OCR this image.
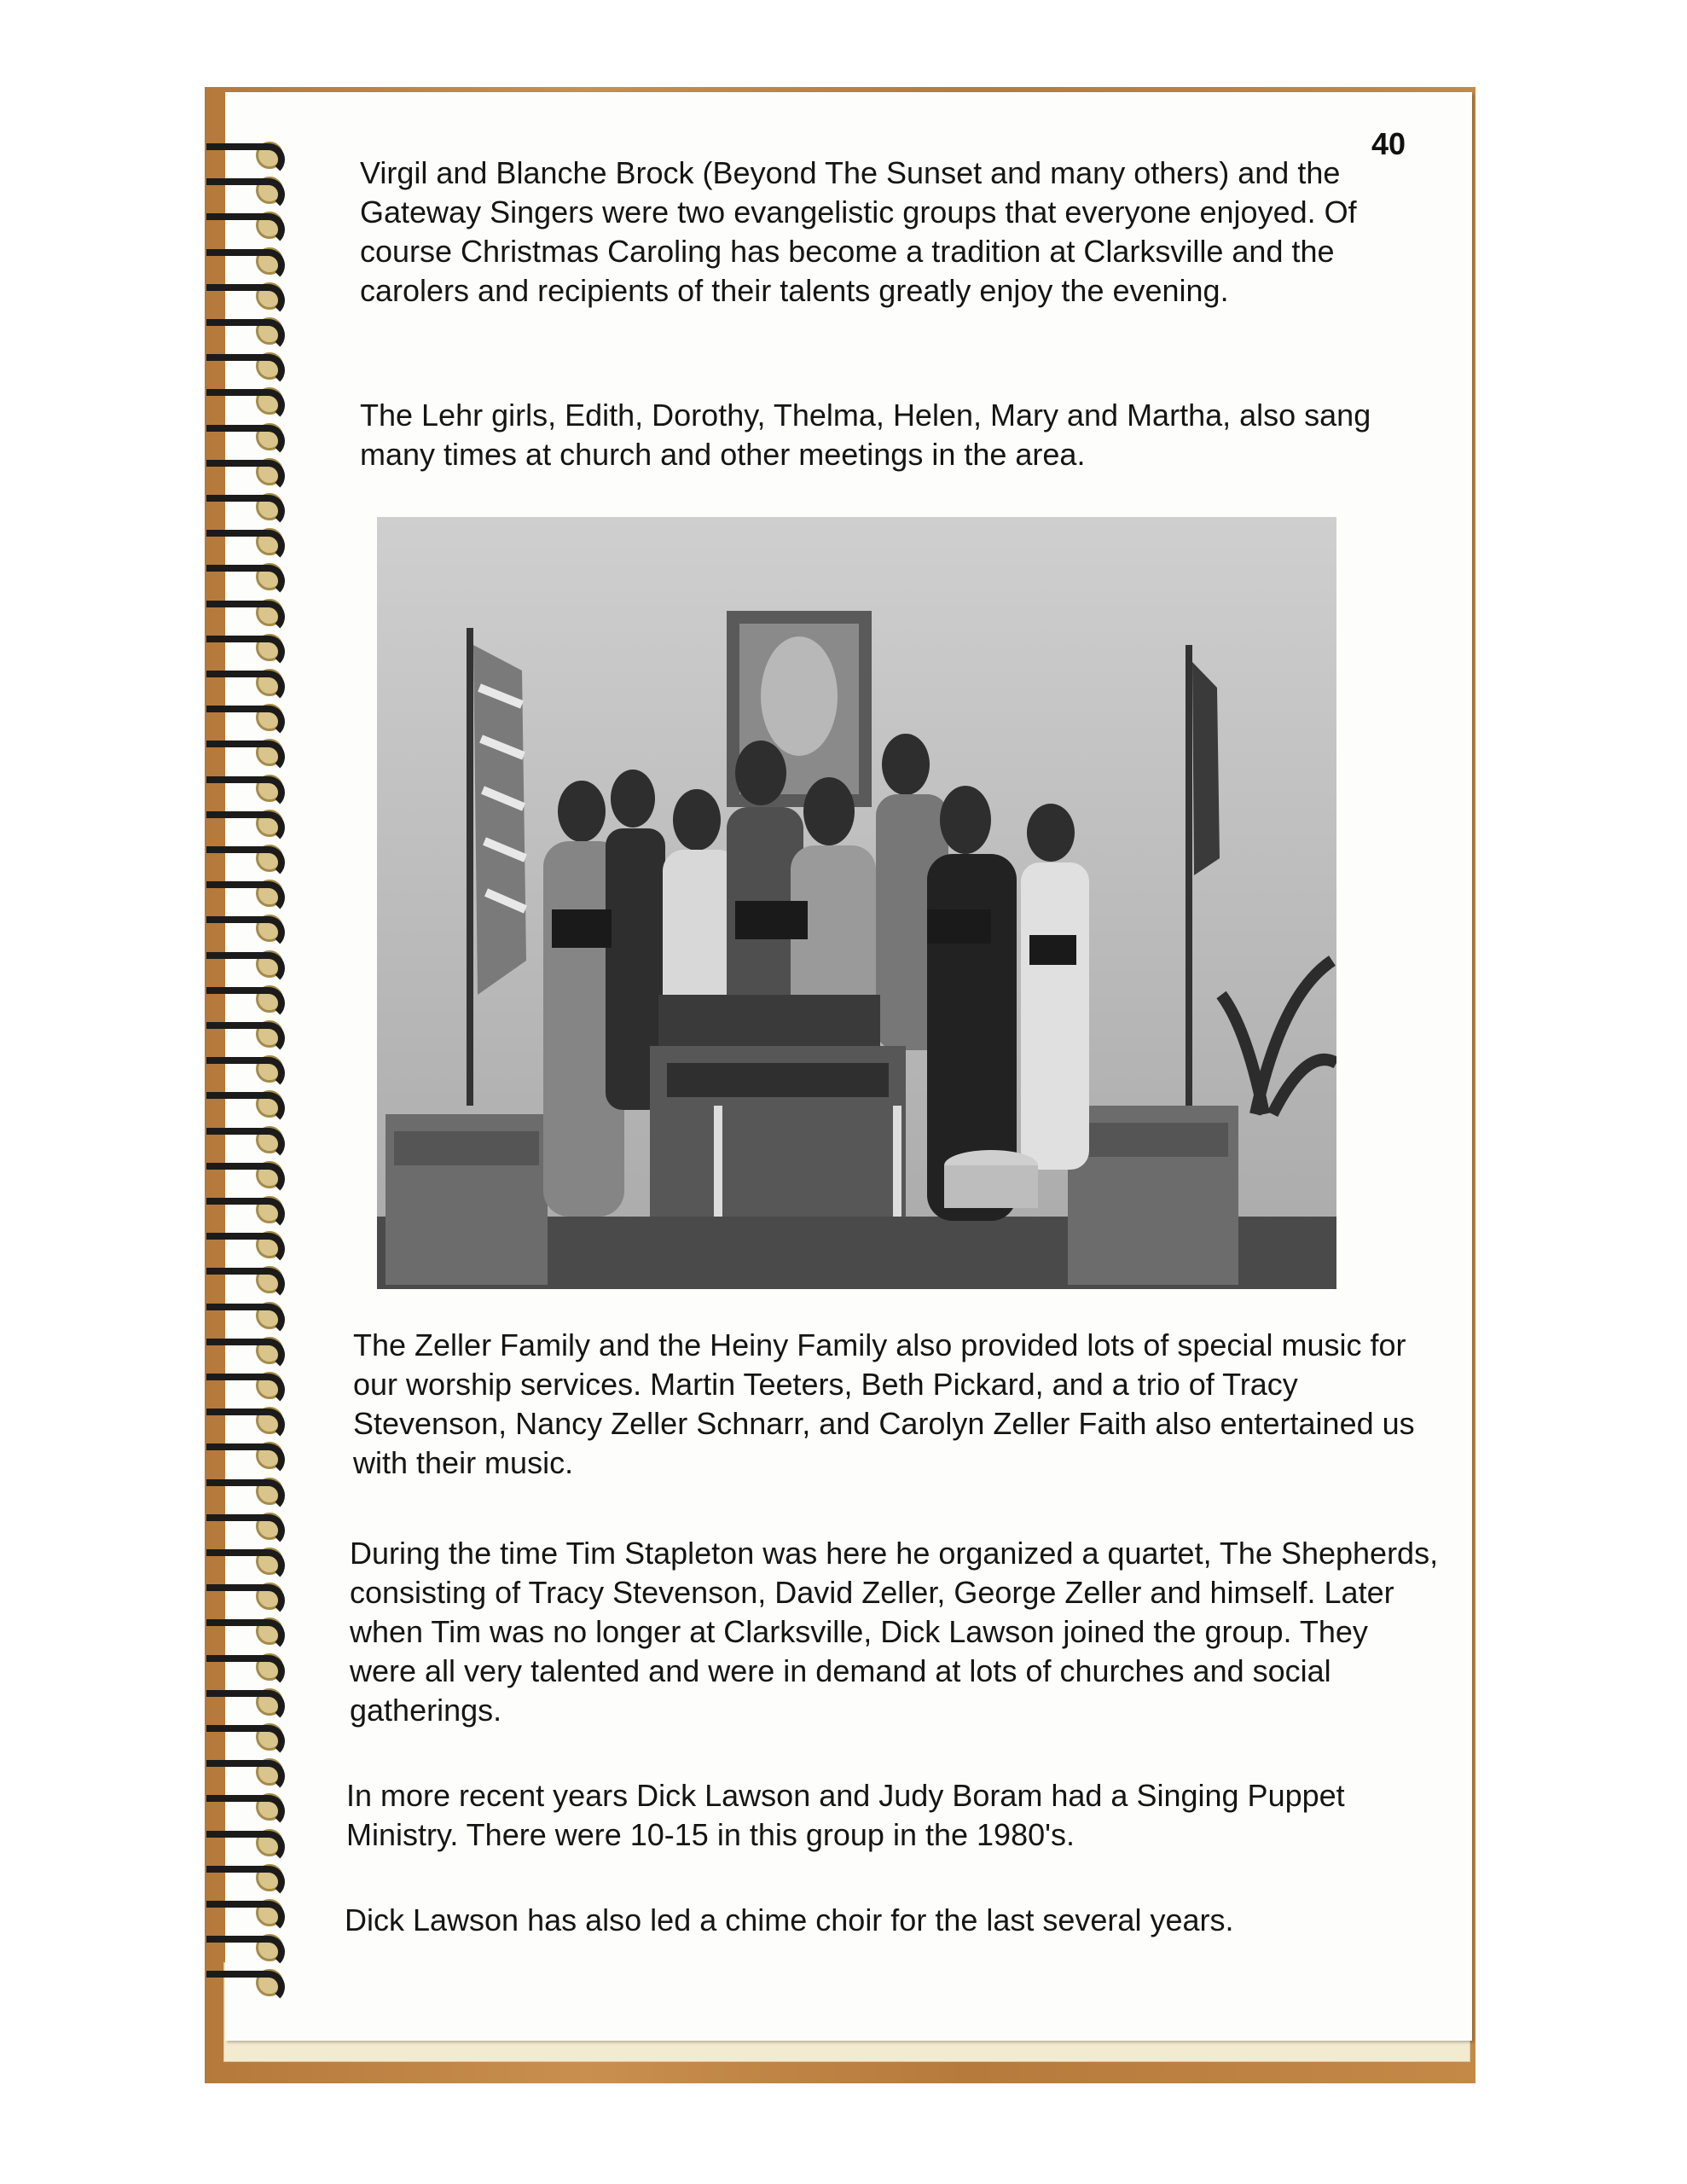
40

Virgil and Blanche Brock (Beyond The Sunset and many others) and the Gateway Singers were two evangelistic groups that everyone enjoyed. Of course Christmas Caroling has become a tradition at Clarksville and the carolers and recipients of their talents greatly enjoy the evening.

The Lehr girls, Edith, Dorothy, Thelma, Helen, Mary and Martha, also sang many times at church and other meetings in the area.

The Zeller Family and the Heiny Family also provided lots of special music for our worship services. Martin Teeters, Beth Pickard, and a trio of Tracy Stevenson, Nancy Zeller Schnarr, and Carolyn Zeller Faith also entertained us with their music.

During the time Tim Stapleton was here he organized a quartet, The Shepherds, consisting of Tracy Stevenson, David Zeller, George Zeller and himself. Later when Tim was no longer at Clarksville, Dick Lawson joined the group. They were all very talented and were in demand at lots of churches and social gatherings.

In more recent years Dick Lawson and Judy Boram had a Singing Puppet Ministry. There were 10-15 in this group in the 1980's.

Dick Lawson has also led a chime choir for the last several years.
